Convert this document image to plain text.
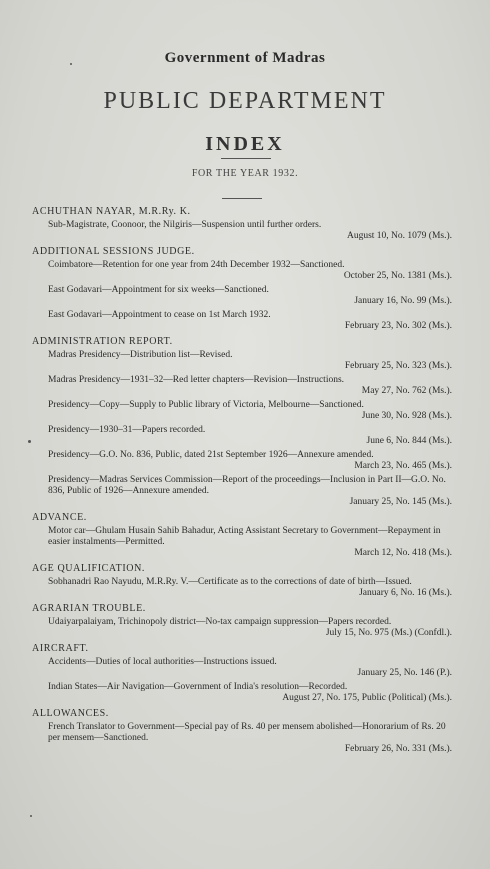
Government of Madras
PUBLIC DEPARTMENT
INDEX
FOR THE YEAR 1932.
ACHUTHAN NAYAR, M.R.Ry. K.
Sub-Magistrate, Coonoor, the Nilgiris—Suspension until further orders.
August 10, No. 1079 (Ms.).
ADDITIONAL SESSIONS JUDGE.
Coimbatore—Retention for one year from 24th December 1932—Sanctioned.
October 25, No. 1381 (Ms.).
East Godavari—Appointment for six weeks—Sanctioned.
January 16, No. 99 (Ms.).
East Godavari—Appointment to cease on 1st March 1932.
February 23, No. 302 (Ms.).
ADMINISTRATION REPORT.
Madras Presidency—Distribution list—Revised.
February 25, No. 323 (Ms.).
Madras Presidency—1931–32—Red letter chapters—Revision—Instructions.
May 27, No. 762 (Ms.).
Presidency—Copy—Supply to Public library of Victoria, Melbourne—Sanctioned.
June 30, No. 928 (Ms.).
Presidency—1930–31—Papers recorded.
June 6, No. 844 (Ms.).
Presidency—G.O. No. 836, Public, dated 21st September 1926—Annexure amended.
March 23, No. 465 (Ms.).
Presidency—Madras Services Commission—Report of the proceedings—Inclusion in Part II—G.O. No. 836, Public of 1926—Annexure amended.
January 25, No. 145 (Ms.).
ADVANCE.
Motor car—Ghulam Husain Sahib Bahadur, Acting Assistant Secretary to Government—Repayment in easier instalments—Permitted.
March 12, No. 418 (Ms.).
AGE QUALIFICATION.
Sobhanadri Rao Nayudu, M.R.Ry. V.—Certificate as to the corrections of date of birth—Issued.
January 6, No. 16 (Ms.).
AGRARIAN TROUBLE.
Udaiyarpalaiyam, Trichinopoly district—No-tax campaign suppression—Papers recorded.
July 15, No. 975 (Ms.) (Confdl.).
AIRCRAFT.
Accidents—Duties of local authorities—Instructions issued.
January 25, No. 146 (P.).
Indian States—Air Navigation—Government of India's resolution—Recorded.
August 27, No. 175, Public (Political) (Ms.).
ALLOWANCES.
French Translator to Government—Special pay of Rs. 40 per mensem abolished—Honorarium of Rs. 20 per mensem—Sanctioned.
February 26, No. 331 (Ms.).
